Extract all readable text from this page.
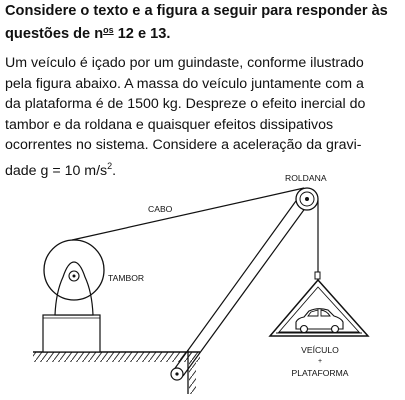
Considere o texto e a figura a seguir para responder às
questões de $n^{os}$ 12 e 13.
Um veículo é içado por um guindaste, conforme ilustrado
pela figura abaixo. A massa do veículo juntamente com a
da plataforma é de 1500 kg. Despreze o efeito inercial do
tambor e da roldana e quaisquer efeitos dissipativos
ocorrentes no sistema. Considere a aceleração da gravi-
dade g = 10 $m/s^2$.	ROLDANA
CABO
TAMBOR
VEÍCULO
+
PLATAFORMA
